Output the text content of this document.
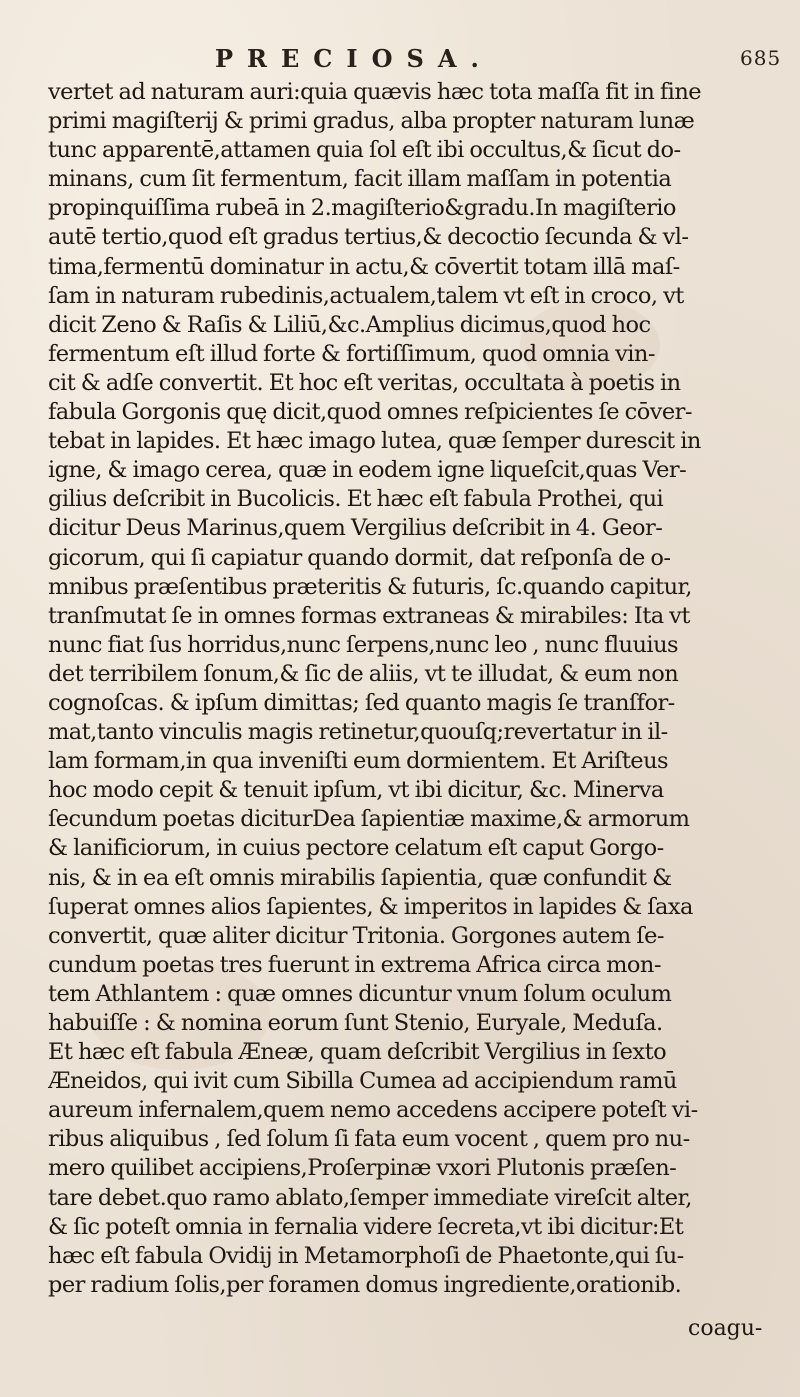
PRECIOSA.	685
vertet ad naturam auri:quia quævis hæc tota maſſa fit in fine
primi magiſterij & primi gradus, alba propter naturam lunæ
tunc apparentē,attamen quia ſol eſt ibi occultus,& ſicut do-
minans, cum ſit fermentum, facit illam maſſam in potentia
propinquiſſima rubeā in 2.magiſterio&gradu.In magiſterio
autē tertio,quod eſt gradus tertius,& decoctio ſecunda & vl-
tima,fermentū dominatur in actu,& cōvertit totam illā maſ-
ſam in naturam rubedinis,actualem,talem vt eſt in croco, vt
dicit Zeno & Raſis & Liliū,&c.Amplius dicimus,quod hoc
fermentum eſt illud forte & fortiſſimum, quod omnia vin-
cit & adſe convertit. Et hoc eſt veritas, occultata à poetis in
fabula Gorgonis quę dicit,quod omnes reſpicientes ſe cōver-
tebat in lapides. Et hæc imago lutea, quæ ſemper durescit in
igne, & imago cerea, quæ in eodem igne liqueſcit,quas Ver-
gilius deſcribit in Bucolicis. Et hæc eſt fabula Prothei, qui
dicitur Deus Marinus,quem Vergilius deſcribit in 4. Geor-
gicorum, qui ſi capiatur quando dormit, dat reſponſa de o-
mnibus præſentibus præteritis & futuris, ſc.quando capitur,
tranſmutat ſe in omnes formas extraneas & mirabiles: Ita vt
nunc fiat ſus horridus,nunc ſerpens,nunc leo , nunc fluuius
det terribilem ſonum,& ſic de aliis, vt te illudat, & eum non
cognoſcas. & ipſum dimittas; ſed quanto magis ſe tranſfor-
mat,tanto vinculis magis retinetur,quouſq;revertatur in il-
lam formam,in qua inveniſti eum dormientem. Et Ariſteus
hoc modo cepit & tenuit ipſum, vt ibi dicitur, &c. Minerva
ſecundum poetas diciturDea ſapientiæ maxime,& armorum
& lanificiorum, in cuius pectore celatum eſt caput Gorgo-
nis, & in ea eſt omnis mirabilis ſapientia, quæ confundit &
ſuperat omnes alios ſapientes, & imperitos in lapides & ſaxa
convertit, quæ aliter dicitur Tritonia. Gorgones autem ſe-
cundum poetas tres fuerunt in extrema Africa circa mon-
tem Athlantem : quæ omnes dicuntur vnum ſolum oculum
habuiſſe : & nomina eorum ſunt Stenio, Euryale, Meduſa.
Et hæc eſt fabula Æneæ, quam deſcribit Vergilius in ſexto
Æneidos, qui ivit cum Sibilla Cumea ad accipiendum ramū
aureum infernalem,quem nemo accedens accipere poteſt vi-
ribus aliquibus , ſed ſolum ſi fata eum vocent , quem pro nu-
mero quilibet accipiens,Proſerpinæ vxori Plutonis præſen-
tare debet.quo ramo ablato,ſemper immediate vireſcit alter,
& ſic poteſt omnia in fernalia videre ſecreta,vt ibi dicitur:Et
hæc eſt fabula Ovidij in Metamorphoſi de Phaetonte,qui ſu-
per radium ſolis,per foramen domus ingrediente,orationib.
coagu-
